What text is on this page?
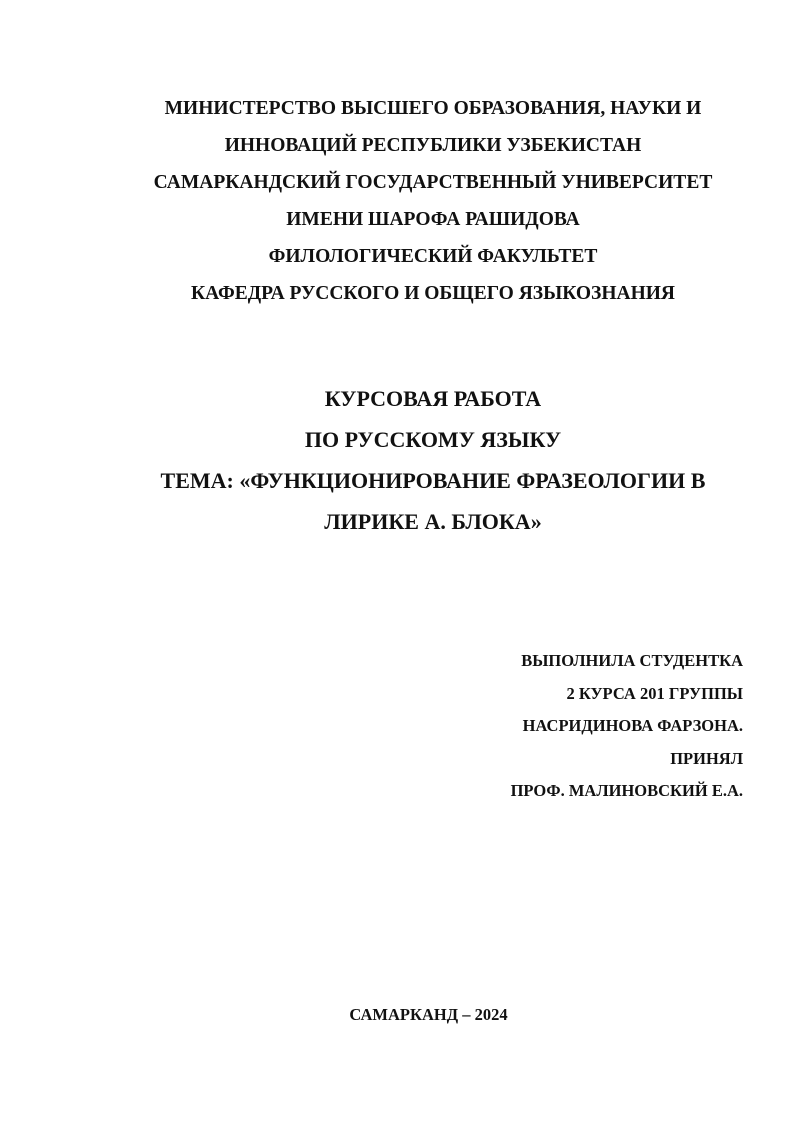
МИНИСТЕРСТВО ВЫСШЕГО ОБРАЗОВАНИЯ, НАУКИ И
ИННОВАЦИЙ РЕСПУБЛИКИ УЗБЕКИСТАН
САМАРКАНДСКИЙ ГОСУДАРСТВЕННЫЙ УНИВЕРСИТЕТ
ИМЕНИ ШАРОФА РАШИДОВА
ФИЛОЛОГИЧЕСКИЙ ФАКУЛЬТЕТ
КАФЕДРА РУССКОГО И ОБЩЕГО ЯЗЫКОЗНАНИЯ
КУРСОВАЯ РАБОТА
ПО РУССКОМУ ЯЗЫКУ
ТЕМА: «ФУНКЦИОНИРОВАНИЕ ФРАЗЕОЛОГИИ В
ЛИРИКЕ А. БЛОКА»
ВЫПОЛНИЛА СТУДЕНТКА
2 КУРСА 201 ГРУППЫ
НАСРИДИНОВА ФАРЗОНА.
ПРИНЯЛ
ПРОФ. МАЛИНОВСКИЙ Е.А.
САМАРКАНД – 2024
